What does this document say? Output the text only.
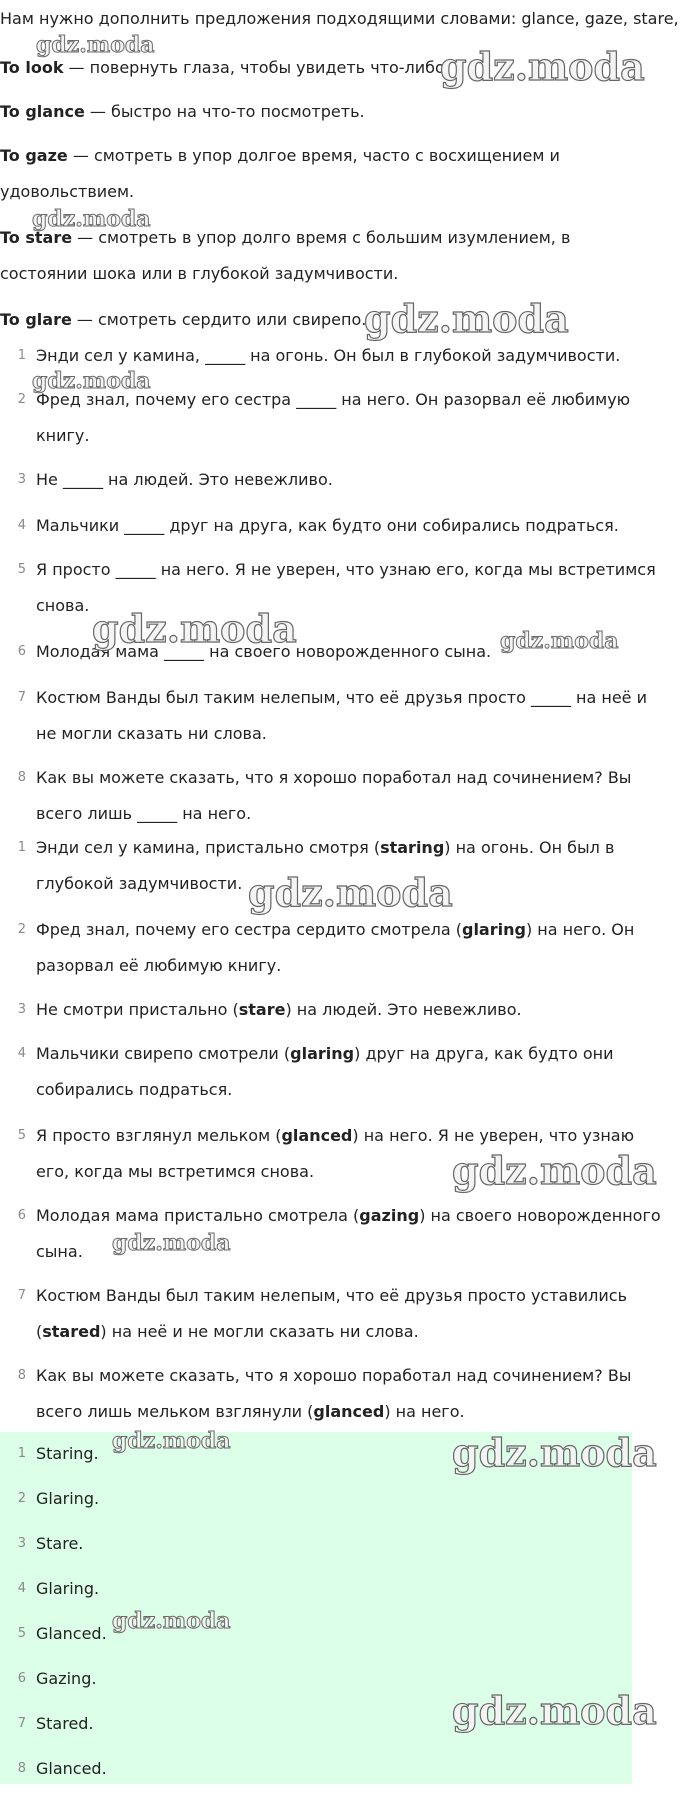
Нам нужно дополнить предложения подходящими словами: glance, gaze, stare,
To look — повернуть глаза, чтобы увидеть что-либо.
To glance — быстро на что-то посмотреть.
To gaze — смотреть в упор долгое время, часто с восхищением и удовольствием.
To stare — смотреть в упор долго время с большим изумлением, в состоянии шока или в глубокой задумчивости.
To glare — смотреть сердито или свирепо.
1 Энди сел у камина, _____ на огонь. Он был в глубокой задумчивости.
2 Фред знал, почему его сестра _____ на него. Он разорвал её любимую книгу.
3 Не _____ на людей. Это невежливо.
4 Мальчики _____ друг на друга, как будто они собирались подраться.
5 Я просто _____ на него. Я не уверен, что узнаю его, когда мы встретимся снова.
6 Молодая мама _____ на своего новорожденного сына.
7 Костюм Ванды был таким нелепым, что её друзья просто _____ на неё и не могли сказать ни слова.
8 Как вы можете сказать, что я хорошо поработал над сочинением? Вы всего лишь _____ на него.
1 Энди сел у камина, пристально смотря (staring) на огонь. Он был в глубокой задумчивости.
2 Фред знал, почему его сестра сердито смотрела (glaring) на него. Он разорвал её любимую книгу.
3 Не смотри пристально (stare) на людей. Это невежливо.
4 Мальчики свирепо смотрели (glaring) друг на друга, как будто они собирались подраться.
5 Я просто взглянул мельком (glanced) на него. Я не уверен, что узнаю его, когда мы встретимся снова.
6 Молодая мама пристально смотрела (gazing) на своего новорожденного сына.
7 Костюм Ванды был таким нелепым, что её друзья просто уставились (stared) на неё и не могли сказать ни слова.
8 Как вы можете сказать, что я хорошо поработал над сочинением? Вы всего лишь мельком взглянули (glanced) на него.
1 Staring.
2 Glaring.
3 Stare.
4 Glaring.
5 Glanced.
6 Gazing.
7 Stared.
8 Glanced.
gdz.moda	gdz.moda
gdz.moda
gdz.moda
gdz.moda
gdz.moda	gdz.moda
gdz.moda
gdz.moda
gdz.moda
gdz.moda	gdz.moda
gdz.moda
gdz.moda
